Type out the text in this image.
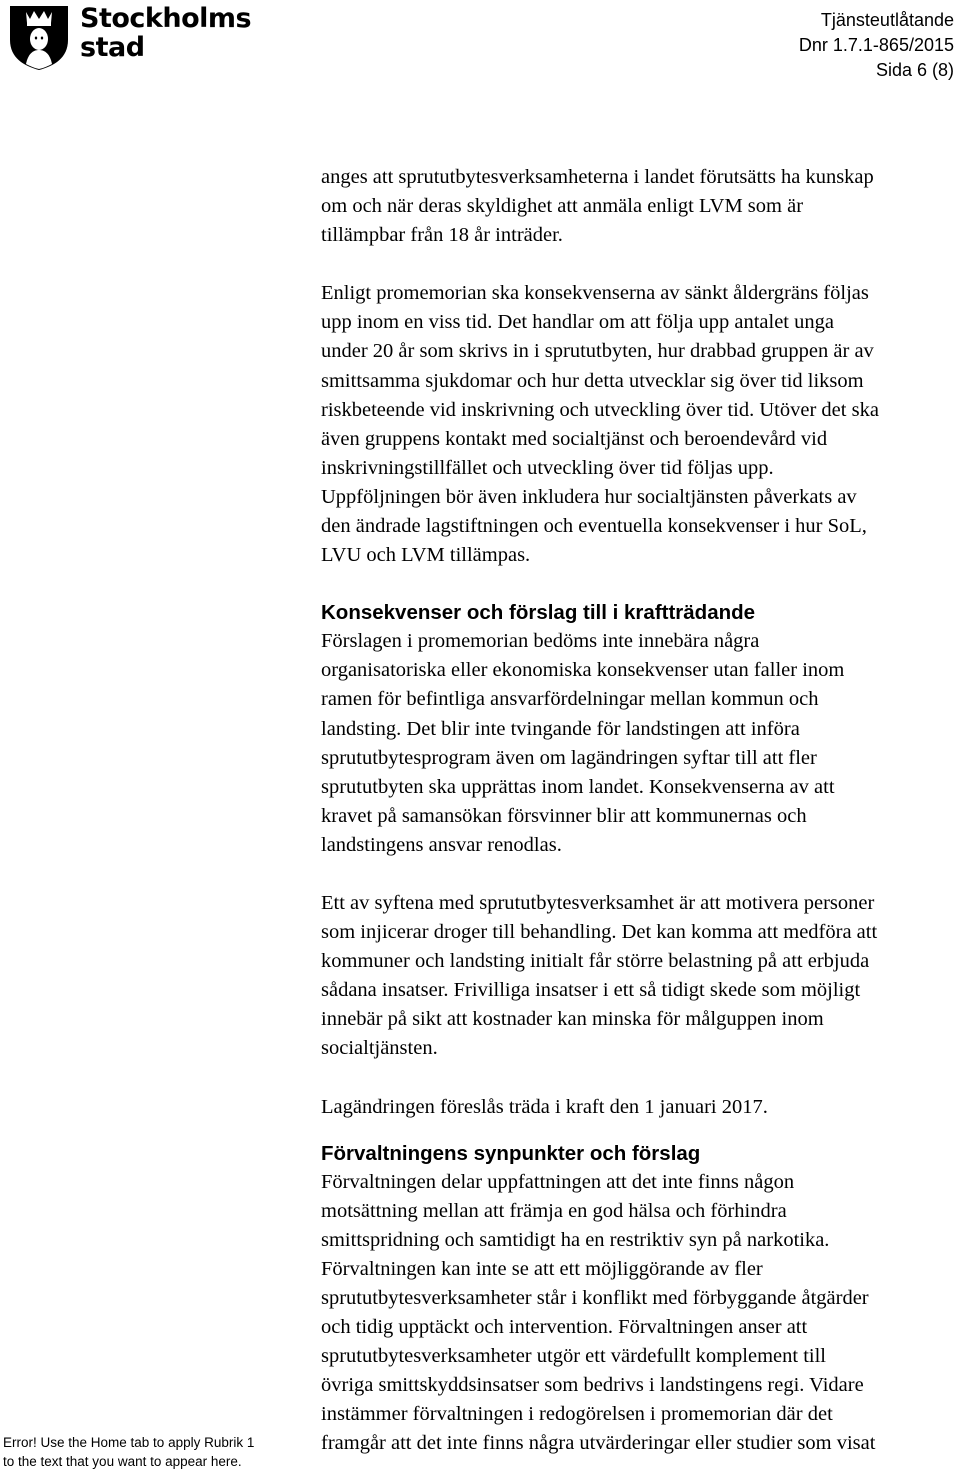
Stockholms
stad
Tjänsteutlåtande
Dnr 1.7.1-865/2015
Sida 6 (8)

anges att sprututbytesverksamheterna i landet förutsätts ha kunskap
om och när deras skyldighet att anmäla enligt LVM som är
tillämpbar från 18 år inträder.

Enligt promemorian ska konsekvenserna av sänkt åldergräns följas
upp inom en viss tid. Det handlar om att följa upp antalet unga
under 20 år som skrivs in i sprututbyten, hur drabbad gruppen är av
smittsamma sjukdomar och hur detta utvecklar sig över tid liksom
riskbeteende vid inskrivning och utveckling över tid. Utöver det ska
även gruppens kontakt med socialtjänst och beroendevård vid
inskrivningstillfället och utveckling över tid följas upp.
Uppföljningen bör även inkludera hur socialtjänsten påverkats av
den ändrade lagstiftningen och eventuella konsekvenser i hur SoL,
LVU och LVM tillämpas.

Konsekvenser och förslag till i kraftträdande

Förslagen i promemorian bedöms inte innebära några
organisatoriska eller ekonomiska konsekvenser utan faller inom
ramen för befintliga ansvarfördelningar mellan kommun och
landsting. Det blir inte tvingande för landstingen att införa
sprututbytesprogram även om lagändringen syftar till att fler
sprututbyten ska upprättas inom landet. Konsekvenserna av att
kravet på samansökan försvinner blir att kommunernas och
landstingens ansvar renodlas.

Ett av syftena med sprututbytesverksamhet är att motivera personer
som injicerar droger till behandling. Det kan komma att medföra att
kommuner och landsting initialt får större belastning på att erbjuda
sådana insatser. Frivilliga insatser i ett så tidigt skede som möjligt
innebär på sikt att kostnader kan minska för målguppen inom
socialtjänsten.

Lagändringen föreslås träda i kraft den 1 januari 2017.

Förvaltningens synpunkter och förslag

Förvaltningen delar uppfattningen att det inte finns någon
motsättning mellan att främja en god hälsa och förhindra
smittspridning och samtidigt ha en restriktiv syn på narkotika.
Förvaltningen kan inte se att ett möjliggörande av fler
sprututbytesverksamheter står i konflikt med förbyggande åtgärder
och tidig upptäckt och intervention. Förvaltningen anser att
sprututbytesverksamheter utgör ett värdefullt komplement till
övriga smittskyddsinsatser som bedrivs i landstingens regi. Vidare
instämmer förvaltningen i redogörelsen i promemorian där det
framgår att det inte finns några utvärderingar eller studier som visat

Error! Use the Home tab to apply Rubrik 1
to the text that you want to appear here.
